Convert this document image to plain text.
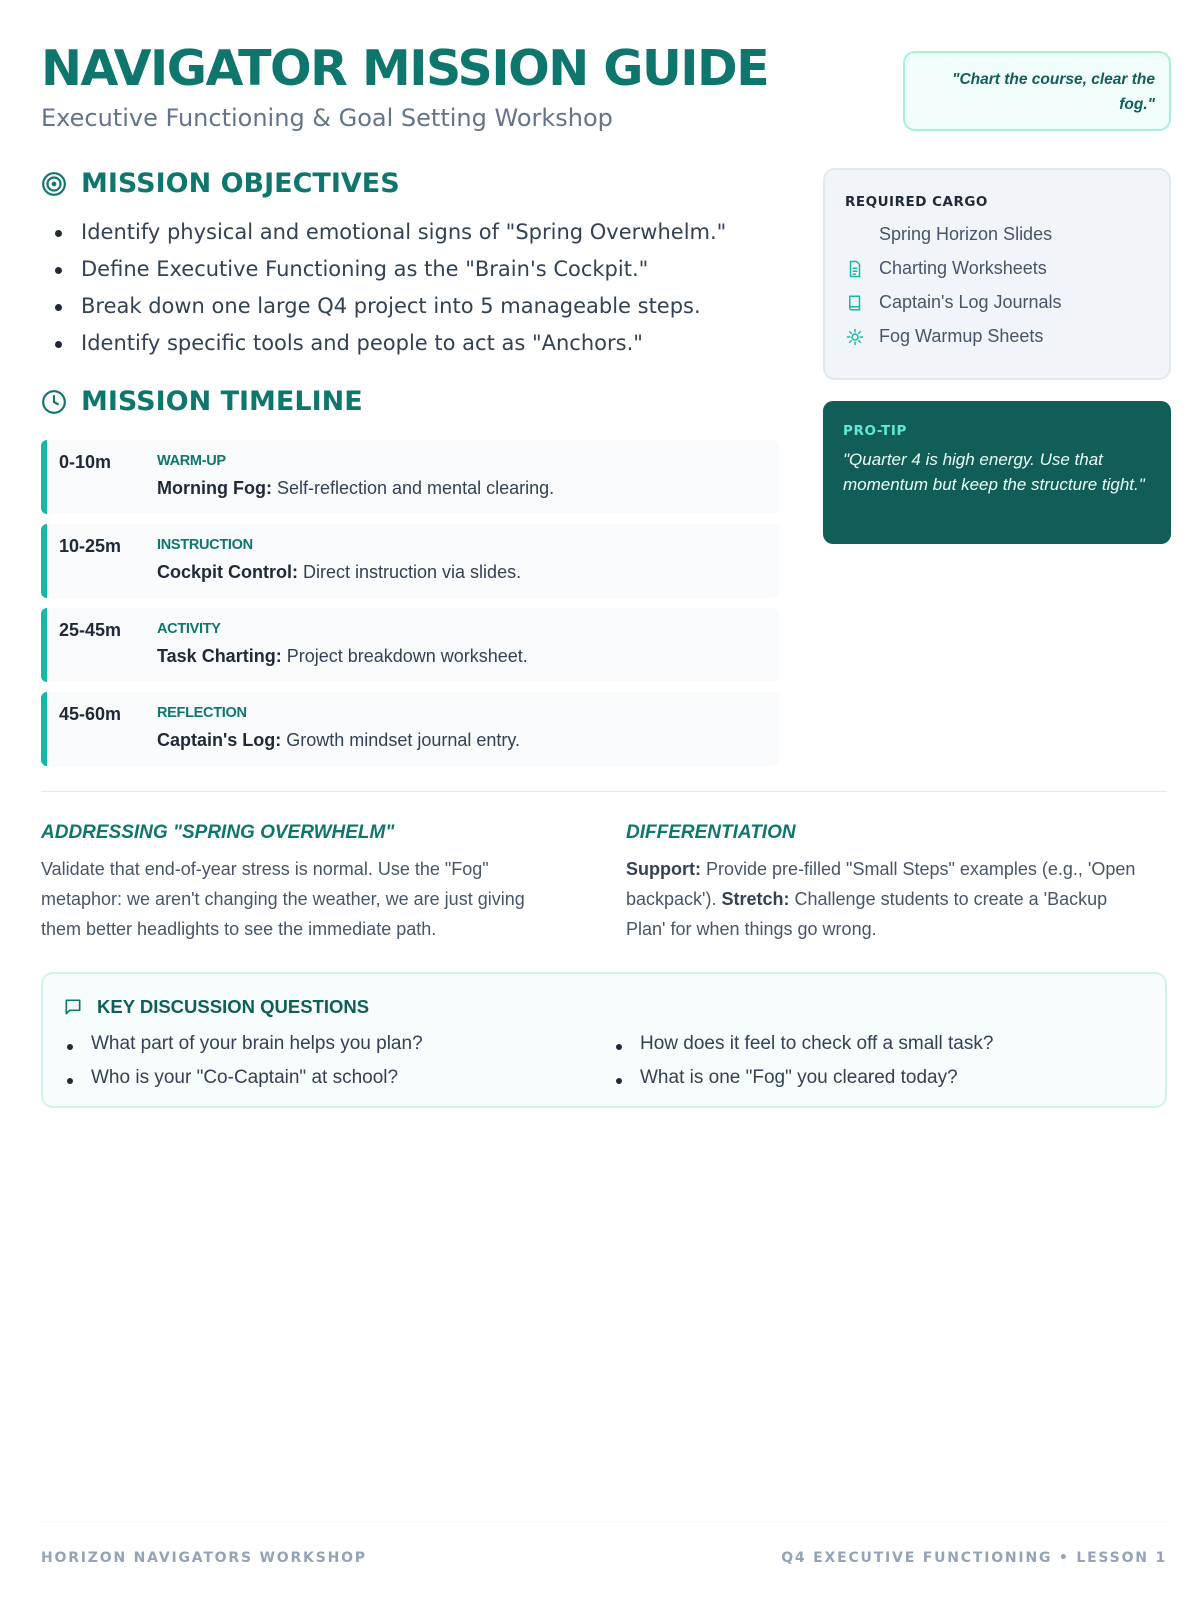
NAVIGATOR MISSION GUIDE
Executive Functioning & Goal Setting Workshop
"Chart the course, clear the fog."
MISSION OBJECTIVES
Identify physical and emotional signs of "Spring Overwhelm."
Define Executive Functioning as the "Brain's Cockpit."
Break down one large Q4 project into 5 manageable steps.
Identify specific tools and people to act as "Anchors."
MISSION TIMELINE
0-10m	WARM-UP
Morning Fog: Self-reflection and mental clearing.
10-25m INSTRUCTION
Cockpit Control: Direct instruction via slides.
25-45m ACTIVITY
Task Charting: Project breakdown worksheet.
45-60m REFLECTION
Captain's Log: Growth mindset journal entry.
REQUIRED CARGO
Spring Horizon Slides
Charting Worksheets
Captain's Log Journals
Fog Warmup Sheets
PRO-TIP
"Quarter 4 is high energy. Use that momentum but keep the structure tight."
ADDRESSING "SPRING OVERWHELM"
Validate that end-of-year stress is normal. Use the "Fog" metaphor: we aren't changing the weather, we are just giving them better headlights to see the immediate path.
DIFFERENTIATION
Support: Provide pre-filled "Small Steps" examples (e.g., 'Open backpack'). Stretch: Challenge students to create a 'Backup Plan' for when things go wrong.
KEY DISCUSSION QUESTIONS
What part of your brain helps you plan?
Who is your "Co-Captain" at school?
How does it feel to check off a small task?
What is one "Fog" you cleared today?
HORIZON NAVIGATORS WORKSHOP	Q4 EXECUTIVE FUNCTIONING • LESSON 1
